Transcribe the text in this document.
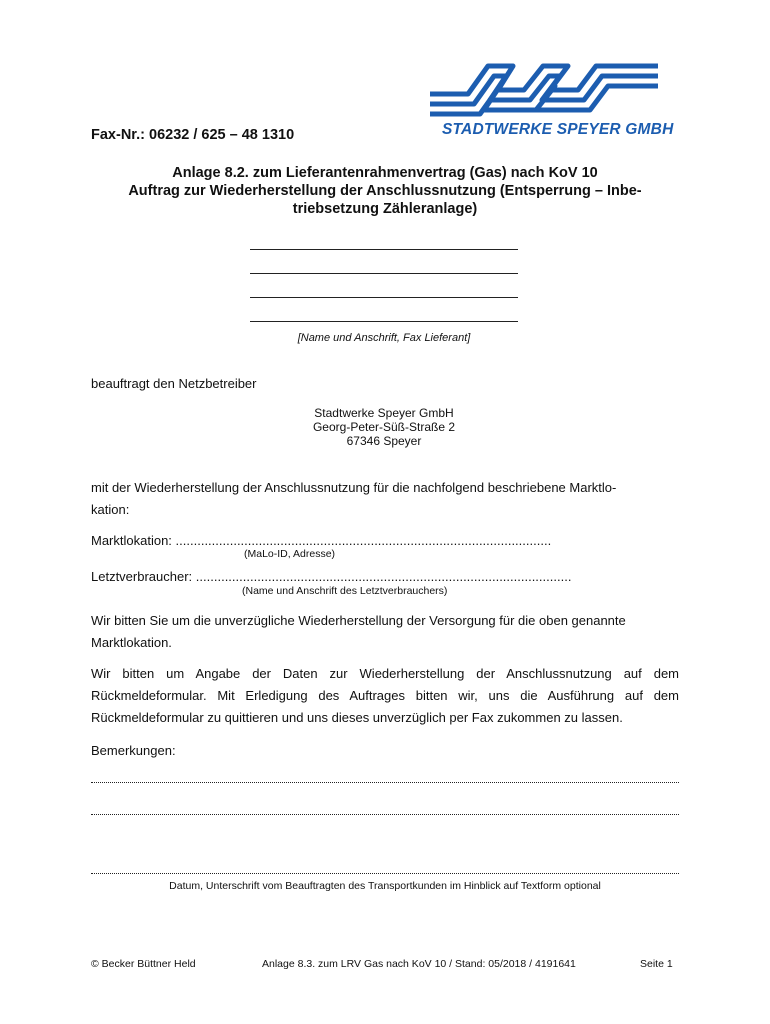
STADTWERKE SPEYER GMBH
Fax-Nr.: 06232 / 625 – 48 1310
Anlage 8.2. zum Lieferantenrahmenvertrag (Gas) nach KoV 10
Auftrag zur Wiederherstellung der Anschlussnutzung (Entsperrung – Inbe-
triebsetzung Zähleranlage)
[Name und Anschrift, Fax Lieferant]
beauftragt den Netzbetreiber
Stadtwerke Speyer GmbH
Georg-Peter-Süß-Straße 2
67346 Speyer
mit der Wiederherstellung der Anschlussnutzung für die nachfolgend beschriebene Marktlo-
kation:
Marktlokation: ........................................................................................................
(MaLo-ID, Adresse)
Letztverbraucher: ........................................................................................................
(Name und Anschrift des Letztverbrauchers)
Wir bitten Sie um die unverzügliche Wiederherstellung der Versorgung für die oben genannte
Marktlokation.
Wir bitten um Angabe der Daten zur Wiederherstellung der Anschlussnutzung auf dem
Rückmeldeformular. Mit Erledigung des Auftrages bitten wir, uns die Ausführung auf dem
Rückmeldeformular zu quittieren und uns dieses unverzüglich per Fax zukommen zu lassen.
Bemerkungen:
Datum, Unterschrift vom Beauftragten des Transportkunden im Hinblick auf Textform optional
© Becker Büttner Held	Anlage 8.3. zum LRV Gas nach KoV 10 / Stand: 05/2018 / 4191641	Seite 1
